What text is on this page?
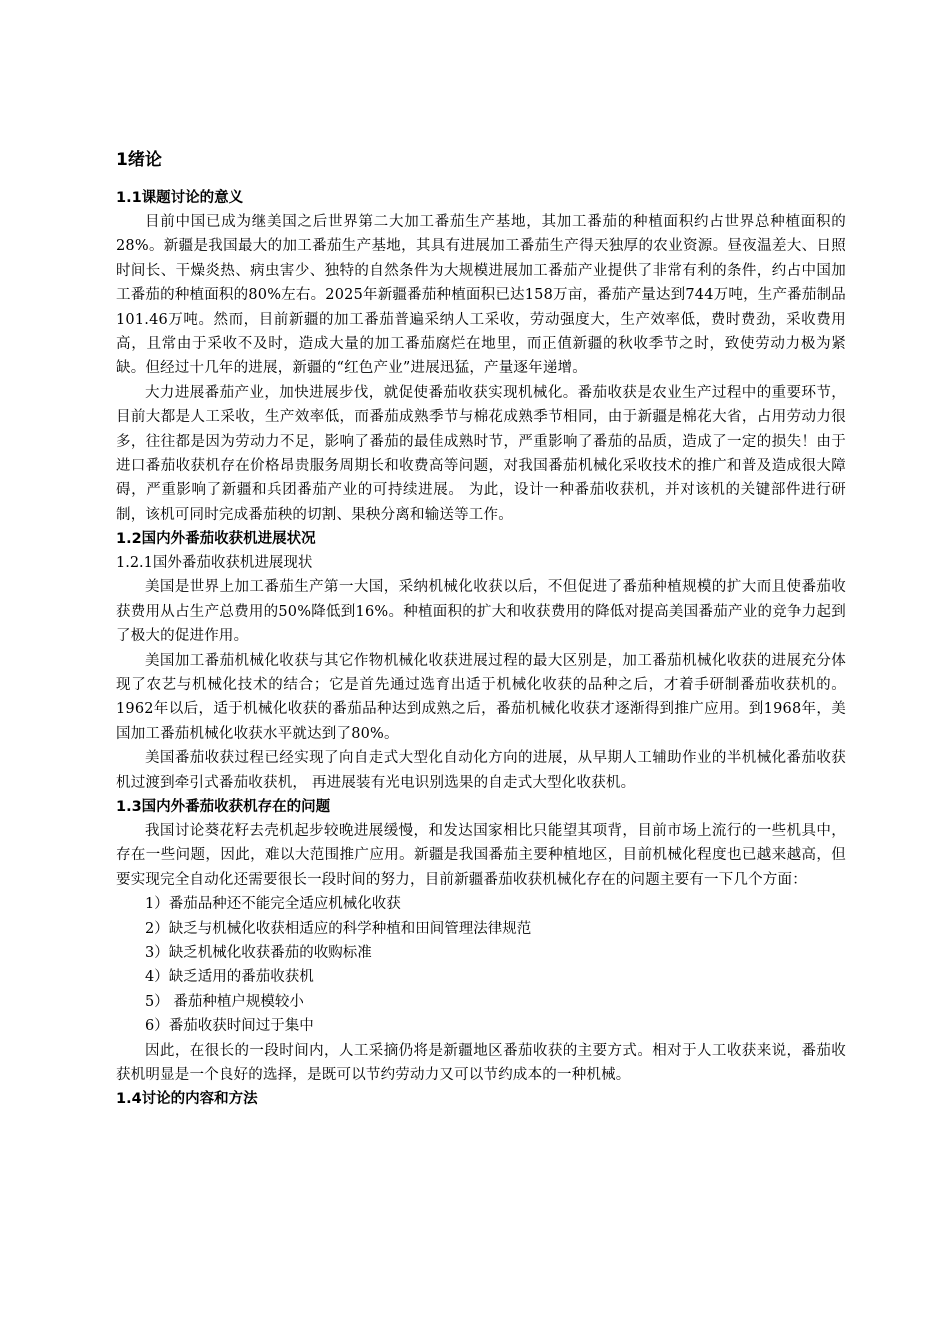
1绪论
1.1课题讨论的意义

目前中国已成为继美国之后世界第二大加工番茄生产基地，其加工番茄的种植面积约占世界总种植面积的28%。新疆是我国最大的加工番茄生产基地，其具有进展加工番茄生产得天独厚的农业资源。昼夜温差大、日照时间长、干燥炎热、病虫害少、独特的自然条件为大规模进展加工番茄产业提供了非常有利的条件，约占中国加工番茄的种植面积的80%左右。2025年新疆番茄种植面积已达158万亩，番茄产量达到744万吨，生产番茄制品101.46万吨。然而，目前新疆的加工番茄普遍采纳人工采收，劳动强度大，生产效率低，费时费劲，采收费用高，且常由于采收不及时，造成大量的加工番茄腐烂在地里，而正值新疆的秋收季节之时，致使劳动力极为紧缺。但经过十几年的进展，新疆的“红色产业”进展迅猛，产量逐年递增。

大力进展番茄产业，加快进展步伐，就促使番茄收获实现机械化。番茄收获是农业生产过程中的重要环节，目前大都是人工采收，生产效率低，而番茄成熟季节与棉花成熟季节相同，由于新疆是棉花大省，占用劳动力很多，往往都是因为劳动力不足，影响了番茄的最佳成熟时节，严重影响了番茄的品质，造成了一定的损失！由于进口番茄收获机存在价格昂贵服务周期长和收费高等问题，对我国番茄机械化采收技术的推广和普及造成很大障碍，严重影响了新疆和兵团番茄产业的可持续进展。 为此，设计一种番茄收获机，并对该机的关键部件进行研制，该机可同时完成番茄秧的切割、果秧分离和输送等工作。

1.2国内外番茄收获机进展状况
1.2.1国外番茄收获机进展现状

美国是世界上加工番茄生产第一大国，采纳机械化收获以后，不但促进了番茄种植规模的扩大而且使番茄收获费用从占生产总费用的50%降低到16%。种植面积的扩大和收获费用的降低对提高美国番茄产业的竞争力起到了极大的促进作用。

美国加工番茄机械化收获与其它作物机械化收获进展过程的最大区别是，加工番茄机械化收获的进展充分体现了农艺与机械化技术的结合；它是首先通过选育出适于机械化收获的品种之后，才着手研制番茄收获机的。1962年以后，适于机械化收获的番茄品种达到成熟之后，番茄机械化收获才逐渐得到推广应用。到1968年，美国加工番茄机械化收获水平就达到了80%。

美国番茄收获过程已经实现了向自走式大型化自动化方向的进展，从早期人工辅助作业的半机械化番茄收获机过渡到牵引式番茄收获机， 再进展装有光电识别选果的自走式大型化收获机。

1.3国内外番茄收获机存在的问题

我国讨论葵花籽去壳机起步较晚进展缓慢，和发达国家相比只能望其项背，目前市场上流行的一些机具中，存在一些问题，因此，难以大范围推广应用。新疆是我国番茄主要种植地区，目前机械化程度也已越来越高，但要实现完全自动化还需要很长一段时间的努力，目前新疆番茄收获机械化存在的问题主要有一下几个方面：

1）番茄品种还不能完全适应机械化收获
2）缺乏与机械化收获相适应的科学种植和田间管理法律规范
3）缺乏机械化收获番茄的收购标准
4）缺乏适用的番茄收获机
5） 番茄种植户规模较小
6）番茄收获时间过于集中

因此，在很长的一段时间内，人工采摘仍将是新疆地区番茄收获的主要方式。相对于人工收获来说，番茄收获机明显是一个良好的选择，是既可以节约劳动力又可以节约成本的一种机械。

1.4讨论的内容和方法
